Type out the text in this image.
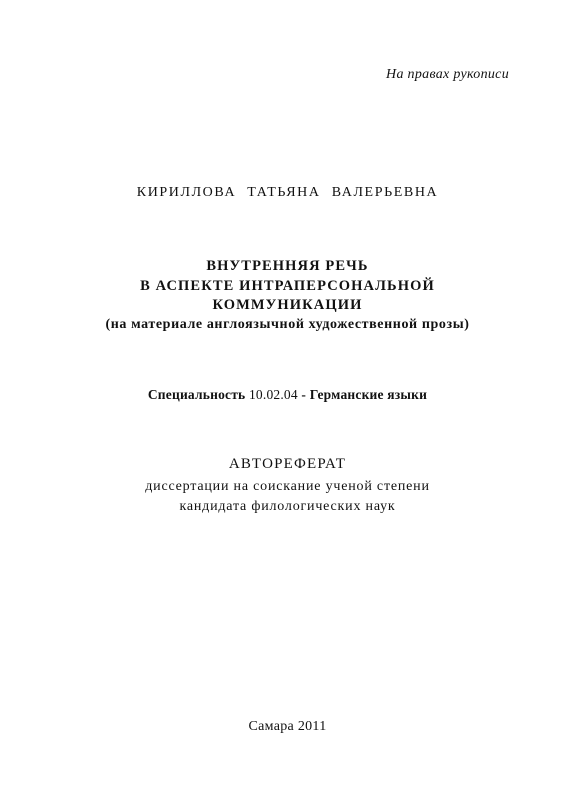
На правах рукописи
КИРИЛЛОВА ТАТЬЯНА ВАЛЕРЬЕВНА
ВНУТРЕННЯЯ РЕЧЬ
В АСПЕКТЕ ИНТРАПЕРСОНАЛЬНОЙ
КОММУНИКАЦИИ
(на материале англоязычной художественной прозы)
Специальность 10.02.04 - Германские языки
АВТОРЕФЕРАТ
диссертации на соискание ученой степени
кандидата филологических наук
Самара 2011
